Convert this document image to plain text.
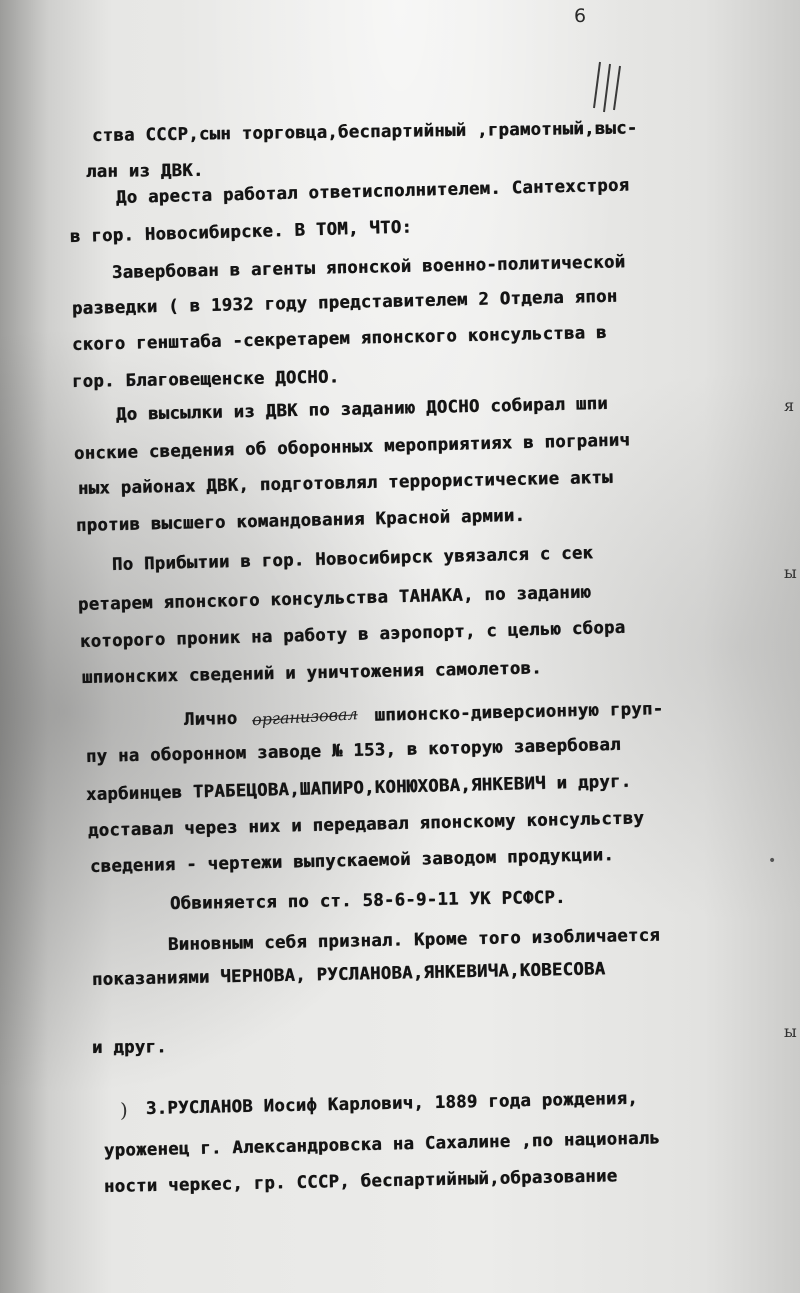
6
ства СССР,сын торговца,беспартийный ,грамотный,выс-
лан из ДВК.
До ареста работал ответисполнителем. Сантехстроя
в гор. Новосибирске. В ТОМ, ЧТО:
Завербован в агенты японской военно-политической
разведки ( в 1932 году представителем 2 Отдела япон
ского генштаба -секретарем японского консульства в
гор. Благовещенске ДОСНО.
До высылки из ДВК по заданию ДОСНО собирал шпи
онские сведения об оборонных мероприятиях в погранич
ных районах ДВК, подготовлял террористические акты
против высшего командования Красной армии.
По Прибытии в гор. Новосибирск увязался с сек
ретарем японского консульства ТАНАКА, по заданию
которого проник на работу в аэропорт, с целью сбора
шпионских сведений и уничтожения самолетов.
Лично организовал шпионско-диверсионную груп-
пу на оборонном заводе № 153, в которую завербовал
харбинцев ТРАБЕЦОВА,ШАПИРО,КОНЮХОВА,ЯНКЕВИЧ и друг.
доставал через них и передавал японскому консульству
сведения - чертежи выпускаемой заводом продукции.
Обвиняется по ст. 58-6-9-11 УК РСФСР.
Виновным себя признал. Кроме того изобличается
показаниями ЧЕРНОВА, РУСЛАНОВА,ЯНКЕВИЧА,КОВЕСОВА
и друг.
3.РУСЛАНОВ Иосиф Карлович, 1889 года рождения,
уроженец г. Александровска на Сахалине ,по националь
ности черкес, гр. СССР, беспартийный,образование
)
я
ы
ы
•
